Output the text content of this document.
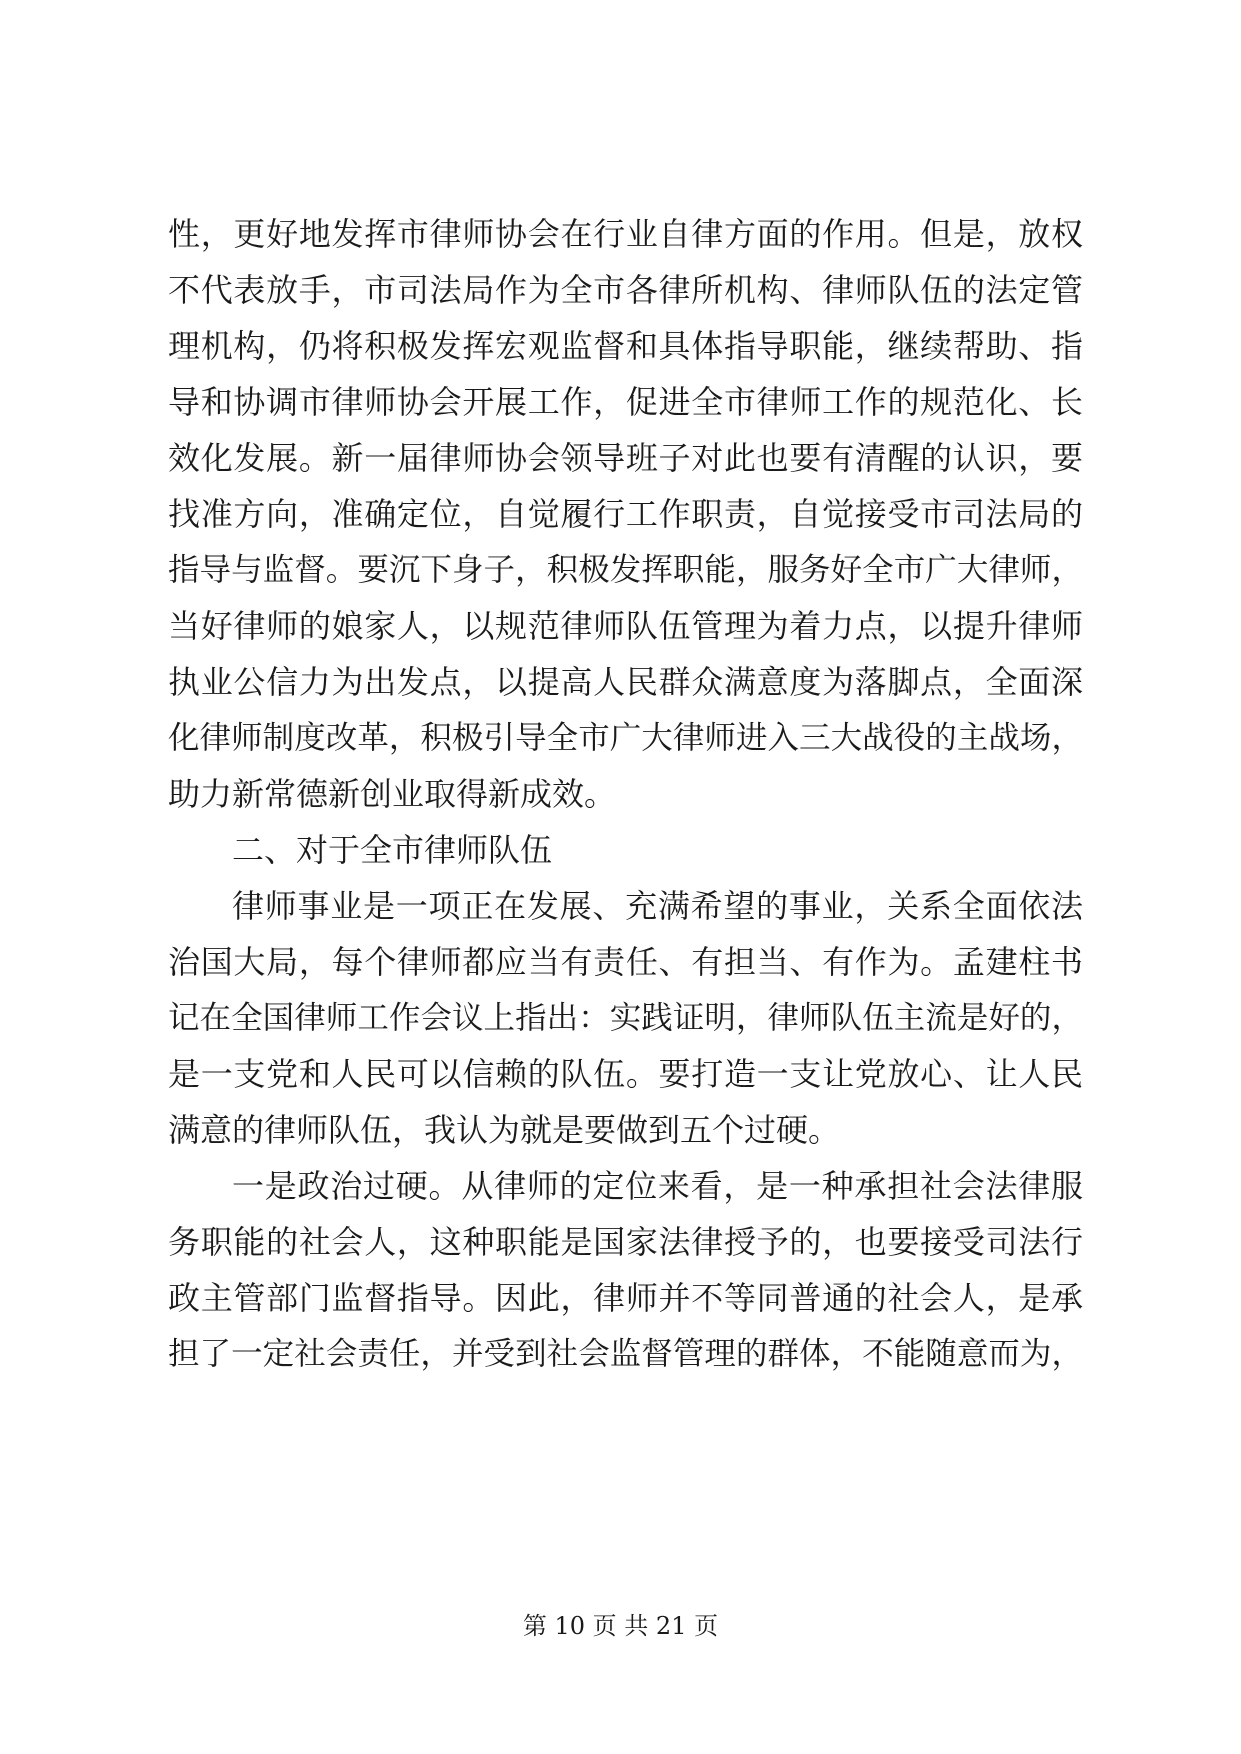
性，更好地发挥市律师协会在行业自律方面的作用。但是，放权
不代表放手，市司法局作为全市各律所机构、律师队伍的法定管
理机构，仍将积极发挥宏观监督和具体指导职能，继续帮助、指
导和协调市律师协会开展工作，促进全市律师工作的规范化、长
效化发展。新一届律师协会领导班子对此也要有清醒的认识，要
找准方向，准确定位，自觉履行工作职责，自觉接受市司法局的
指导与监督。要沉下身子，积极发挥职能，服务好全市广大律师，
当好律师的娘家人，以规范律师队伍管理为着力点，以提升律师
执业公信力为出发点，以提高人民群众满意度为落脚点，全面深
化律师制度改革，积极引导全市广大律师进入三大战役的主战场，
助力新常德新创业取得新成效。
二、对于全市律师队伍
律师事业是一项正在发展、充满希望的事业，关系全面依法
治国大局，每个律师都应当有责任、有担当、有作为。孟建柱书
记在全国律师工作会议上指出：实践证明，律师队伍主流是好的，
是一支党和人民可以信赖的队伍。要打造一支让党放心、让人民
满意的律师队伍，我认为就是要做到五个过硬。
一是政治过硬。从律师的定位来看，是一种承担社会法律服
务职能的社会人，这种职能是国家法律授予的，也要接受司法行
政主管部门监督指导。因此，律师并不等同普通的社会人，是承
担了一定社会责任，并受到社会监督管理的群体，不能随意而为，
第 10 页 共 21 页
